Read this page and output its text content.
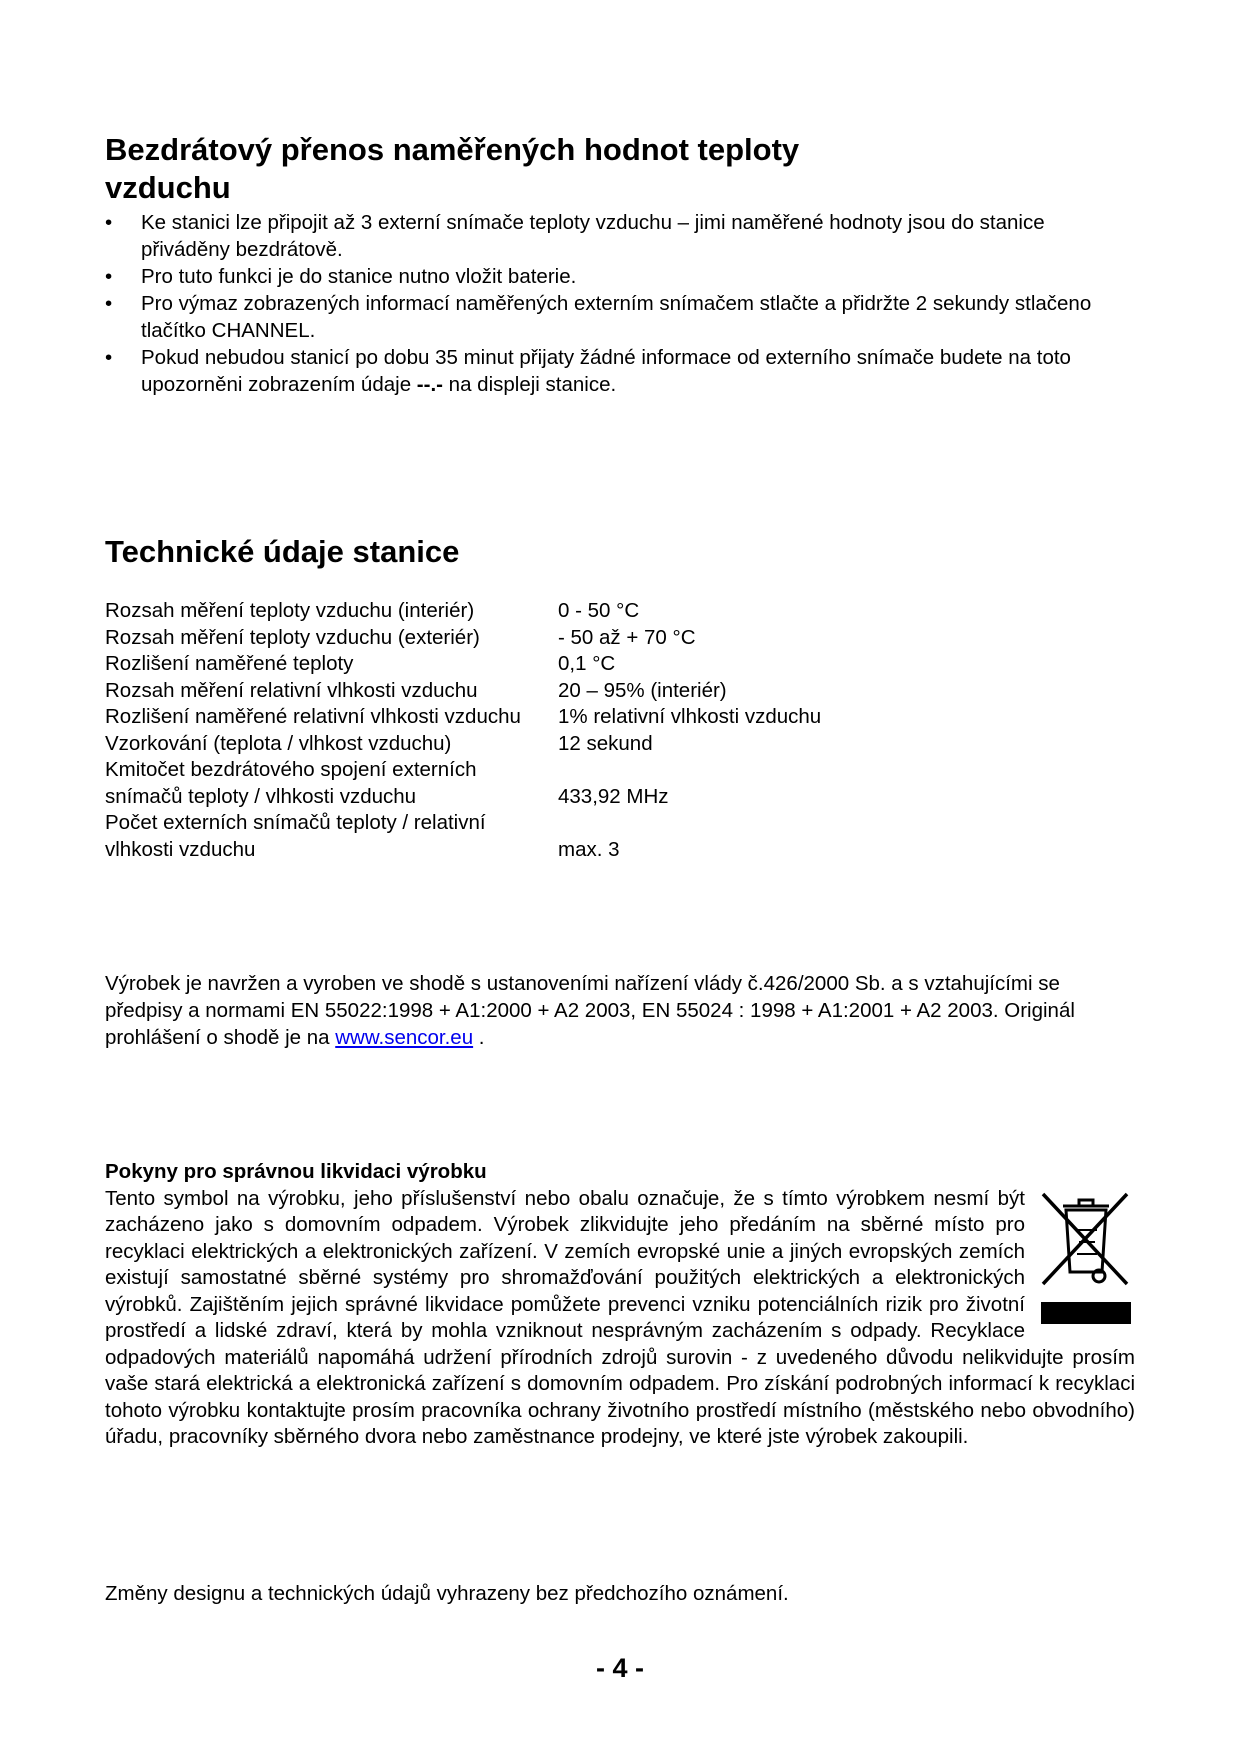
Bezdrátový přenos naměřených hodnot teploty
vzduchu
• Ke stanici lze připojit až 3 externí snímače teploty vzduchu – jimi naměřené hodnoty jsou do stanice přiváděny bezdrátově.
• Pro tuto funkci je do stanice nutno vložit baterie.
• Pro výmaz zobrazených informací naměřených externím snímačem stlačte a přidržte 2 sekundy stlačeno tlačítko CHANNEL.
• Pokud nebudou stanicí po dobu 35 minut přijaty žádné informace od externího snímače budete na toto upozorněni zobrazením údaje --.- na displeji stanice.
Technické údaje stanice
Rozsah měření teploty vzduchu (interiér)	0 - 50 °C
Rozsah měření teploty vzduchu (exteriér)	- 50 až + 70 °C
Rozlišení naměřené teploty	0,1 °C
Rozsah měření relativní vlhkosti vzduchu	20 – 95% (interiér)
Rozlišení naměřené relativní vlhkosti vzduchu	1% relativní vlhkosti vzduchu
Vzorkování (teplota / vlhkost vzduchu)	12 sekund
Kmitočet bezdrátového spojení externích snímačů teploty / vlhkosti vzduchu	433,92 MHz
Počet externích snímačů teploty / relativní vlhkosti vzduchu	max. 3
Výrobek je navržen a vyroben ve shodě s ustanoveními nařízení vlády č.426/2000 Sb. a s vztahujícími se předpisy a normami EN 55022:1998 + A1:2000 + A2 2003, EN 55024 : 1998 + A1:2001 + A2 2003. Originál prohlášení o shodě je na www.sencor.eu .
Pokyny pro správnou likvidaci výrobku

Tento symbol na výrobku, jeho příslušenství nebo obalu označuje, že s tímto výrobkem nesmí být zacházeno jako s domovním odpadem. Výrobek zlikvidujte jeho předáním na sběrné místo pro recyklaci elektrických a elektronických zařízení. V zemích evropské unie a jiných evropských zemích existují samostatné sběrné systémy pro shromažďování použitých elektrických a elektronických výrobků. Zajištěním jejich správné likvidace pomůžete prevenci vzniku potenciálních rizik pro životní prostředí a lidské zdraví, která by mohla vzniknout nesprávným zacházením s odpady. Recyklace odpadových materiálů napomáhá udržení přírodních zdrojů surovin - z uvedeného důvodu nelikvidujte prosím vaše stará elektrická a elektronická zařízení s domovním odpadem. Pro získání podrobných informací k recyklaci tohoto výrobku kontaktujte prosím pracovníka ochrany životního prostředí místního (městského nebo obvodního) úřadu, pracovníky sběrného dvora nebo zaměstnance prodejny, ve které jste výrobek zakoupili.

Změny designu a technických údajů vyhrazeny bez předchozího oznámení.
- 4 -
